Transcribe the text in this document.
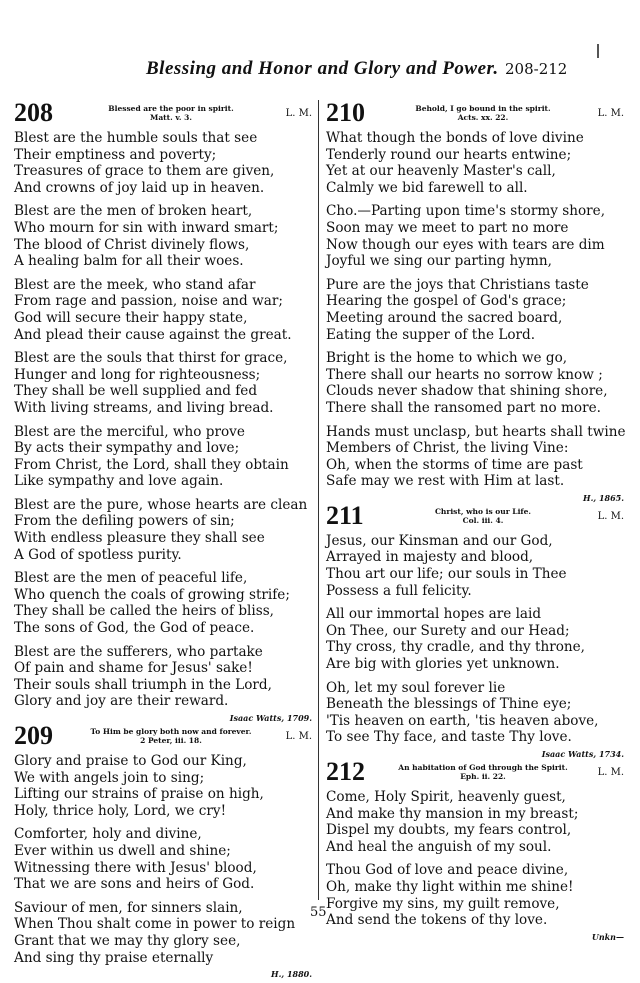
Blessing and Honor and Glory and Power. 208-212
208	Blessed are the poor in spirit.
Matt. v. 3.	L. M.
Blest are the humble souls that see
Their emptiness and poverty;
Treasures of grace to them are given,
And crowns of joy laid up in heaven.
Blest are the men of broken heart,
Who mourn for sin with inward smart;
The blood of Christ divinely flows,
A healing balm for all their woes.
Blest are the meek, who stand afar
From rage and passion, noise and war;
God will secure their happy state,
And plead their cause against the great.
Blest are the souls that thirst for grace,
Hunger and long for righteousness;
They shall be well supplied and fed
With living streams, and living bread.
Blest are the merciful, who prove
By acts their sympathy and love;
From Christ, the Lord, shall they obtain
Like sympathy and love again.
Blest are the pure, whose hearts are clean
From the defiling powers of sin;
With endless pleasure they shall see
A God of spotless purity.
Blest are the men of peaceful life,
Who quench the coals of growing strife;
They shall be called the heirs of bliss,
The sons of God, the God of peace.
Blest are the sufferers, who partake
Of pain and shame for Jesus' sake!
Their souls shall triumph in the Lord,
Glory and joy are their reward.
Isaac Watts, 1709.
209	To Him be glory both now and forever.
2 Peter, iii. 18.	L. M.
Glory and praise to God our King,
We with angels join to sing;
Lifting our strains of praise on high,
Holy, thrice holy, Lord, we cry!
Comforter, holy and divine,
Ever within us dwell and shine;
Witnessing there with Jesus' blood,
That we are sons and heirs of God.
Saviour of men, for sinners slain,
When Thou shalt come in power to reign
Grant that we may thy glory see,
And sing thy praise eternally
H., 1880.
210	Behold, I go bound in the spirit.
Acts. xx. 22.	L. M.
What though the bonds of love divine
Tenderly round our hearts entwine;
Yet at our heavenly Master's call,
Calmly we bid farewell to all.
Cho.—Parting upon time's stormy shore,
Soon may we meet to part no more
Now though our eyes with tears are dim
Joyful we sing our parting hymn,
Pure are the joys that Christians taste
Hearing the gospel of God's grace;
Meeting around the sacred board,
Eating the supper of the Lord.
Bright is the home to which we go,
There shall our hearts no sorrow know ;
Clouds never shadow that shining shore,
There shall the ransomed part no more.
Hands must unclasp, but hearts shall twine
Members of Christ, the living Vine:
Oh, when the storms of time are past
Safe may we rest with Him at last.
H., 1865.
211	Christ, who is our Life.
Col. iii. 4.	L. M.
Jesus, our Kinsman and our God,
Arrayed in majesty and blood,
Thou art our life; our souls in Thee
Possess a full felicity.
All our immortal hopes are laid
On Thee, our Surety and our Head;
Thy cross, thy cradle, and thy throne,
Are big with glories yet unknown.
Oh, let my soul forever lie
Beneath the blessings of Thine eye;
'Tis heaven on earth, 'tis heaven above,
To see Thy face, and taste Thy love.
Isaac Watts, 1734.
212	An habitation of God through the Spirit.
Eph. ii. 22.	L. M.
Come, Holy Spirit, heavenly guest,
And make thy mansion in my breast;
Dispel my doubts, my fears control,
And heal the anguish of my soul.
Thou God of love and peace divine,
Oh, make thy light within me shine!
Forgive my sins, my guilt remove,
And send the tokens of thy love.
Unkn—
55
